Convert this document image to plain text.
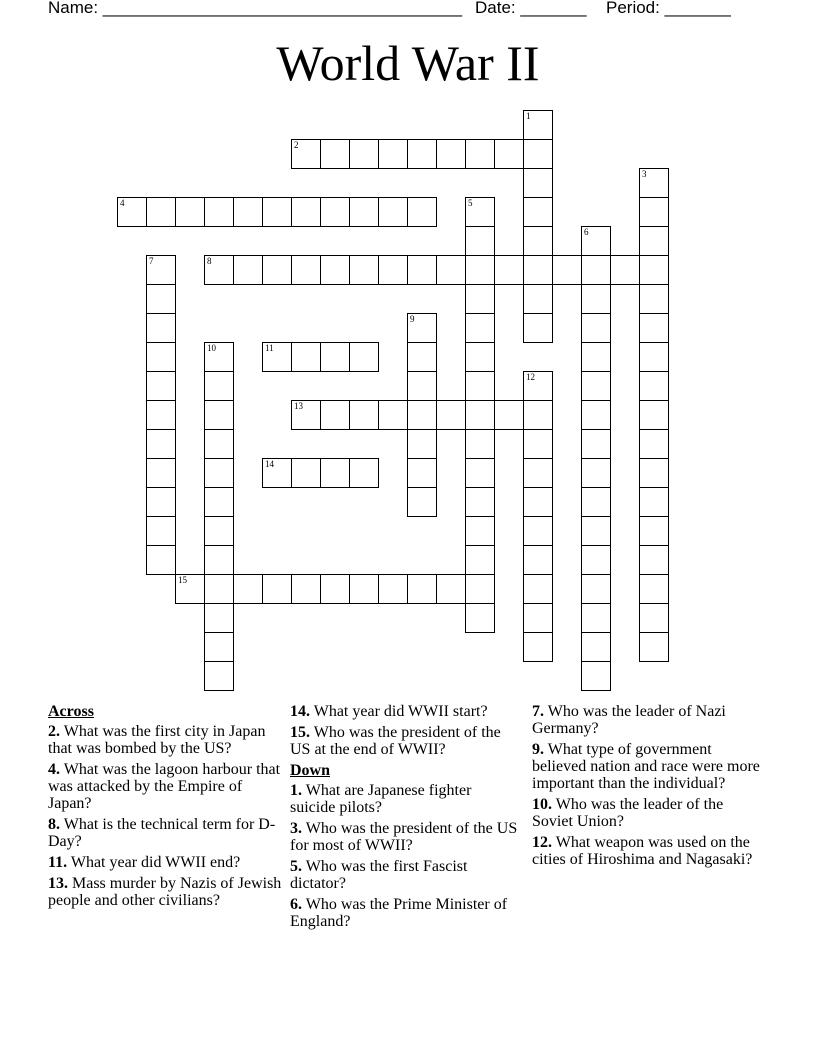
Name: ______________________________________ Date: _______ Period: _______
World War II
1
2
3
4	5
6
7	8
9
10	11
12
13
14
15
Across
2. What was the first city in Japan that was bombed by the US?
4. What was the lagoon harbour that was attacked by the Empire of Japan?
8. What is the technical term for D-Day?
11. What year did WWII end?
13. Mass murder by Nazis of Jewish people and other civilians?
14. What year did WWII start?
15. Who was the president of the US at the end of WWII?
Down
1. What are Japanese fighter suicide pilots?
3. Who was the president of the US for most of WWII?
5. Who was the first Fascist dictator?
6. Who was the Prime Minister of England?
7. Who was the leader of Nazi Germany?
9. What type of government believed nation and race were more important than the individual?
10. Who was the leader of the Soviet Union?
12. What weapon was used on the cities of Hiroshima and Nagasaki?
